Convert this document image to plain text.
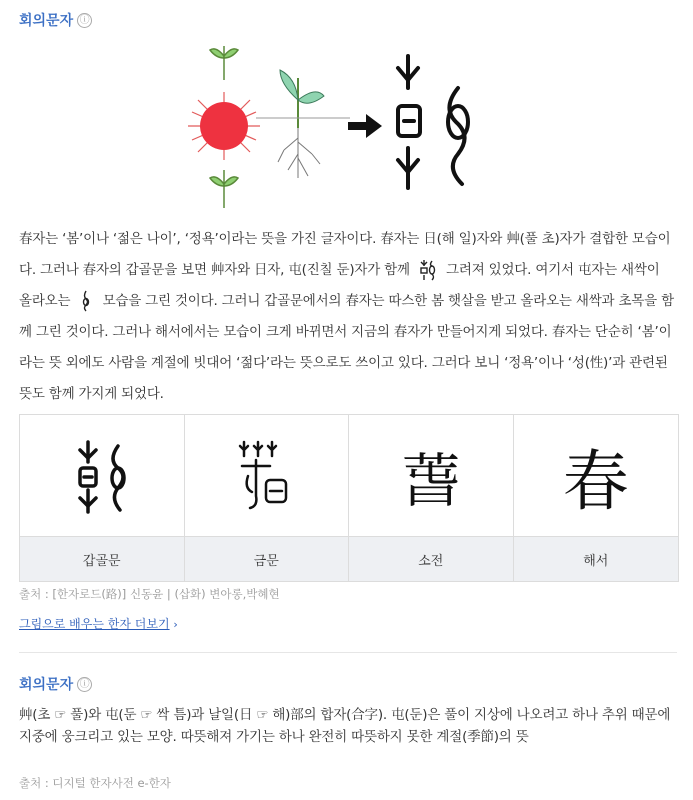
회의문자 ⓘ
春자는 ‘봄’이나 ‘젊은 나이’, ‘정욕’이라는 뜻을 가진 글자이다. 春자는 日(해 일)자와 艸(풀 초)자가 결합한 모습이다. 그러나 春자의 갑골문을 보면 艸자와 日자, 屯(진칠 둔)자가 함께	그려져 있었다. 여기서 屯자는 새싹이 올라오는 모습을 그린 것이다. 그러니 갑골문에서의 春자는 따스한 봄 햇살을 받고 올라오는 새싹과 초목을 함께 그린 것이다. 그러나 해서에서는 모습이 크게 바뀌면서 지금의 春자가 만들어지게 되었다. 春자는 단순히 ‘봄’이라는 뜻 외에도 사람을 계절에 빗대어 ‘젊다’라는 뜻으로도 쓰이고 있다. 그러다 보니 ‘정욕’이나 ‘성(性)’과 관련된 뜻도 함께 가지게 되었다.
갑골문	금문
萅
소전
春
해서
출처 : [한자로드(路)] 신동윤 | (삽화) 변아롱,박혜현
그림으로 배우는 한자 더보기 ›
회의문자 ⓘ
艸(초 ☞ 풀)와 屯(둔 ☞ 싹 틈)과 날일(日 ☞ 해)部의 합자(合字). 屯(둔)은 풀이 지상에 나오려고 하나 추위 때문에 지중에 웅크리고 있는 모양. 따뜻해져 가기는 하나 완전히 따뜻하지 못한 계절(季節)의 뜻
출처 : 디지털 한자사전 e-한자
